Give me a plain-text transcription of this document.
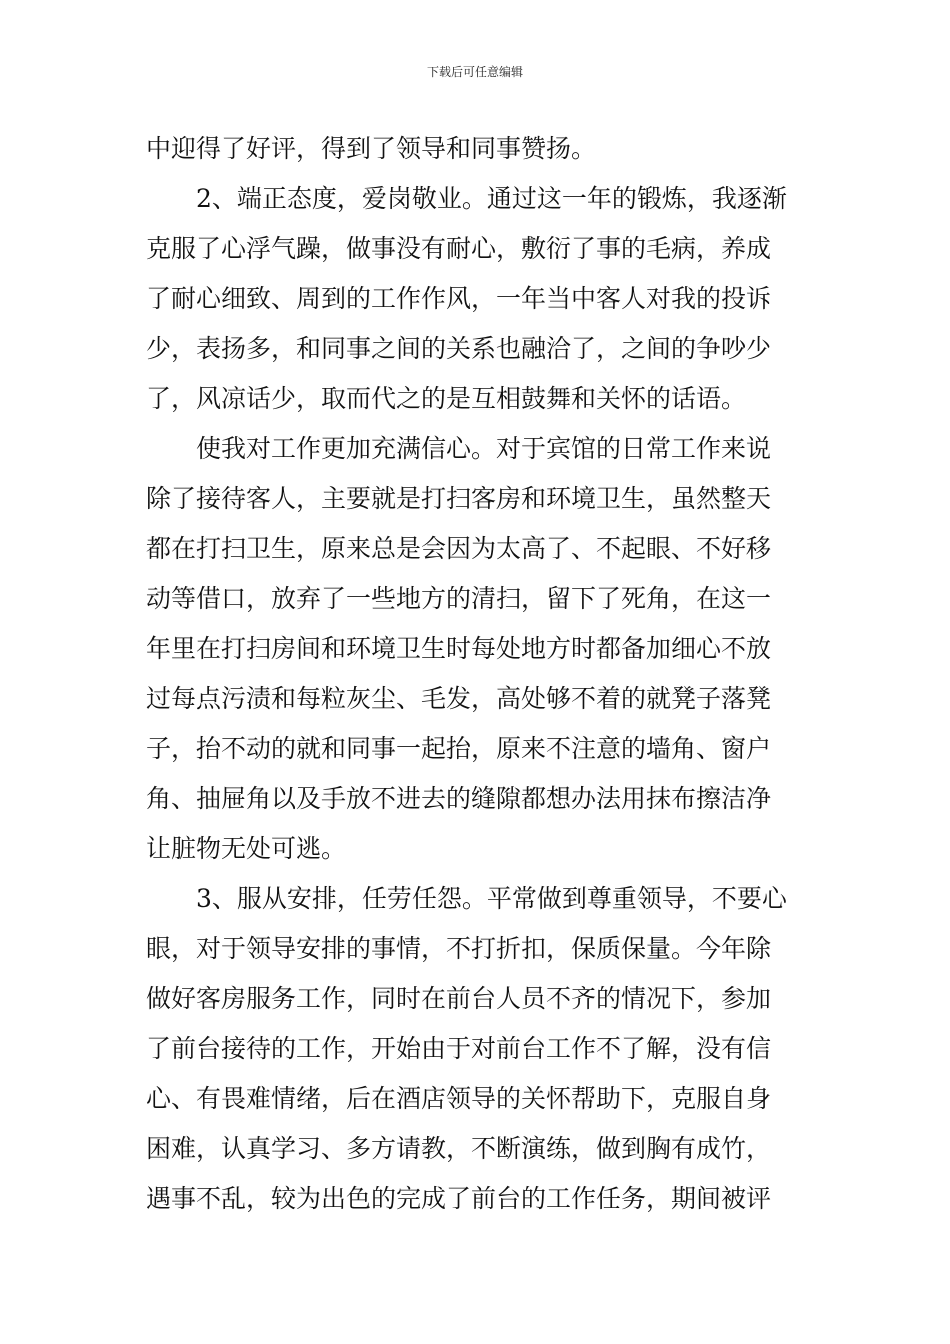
下载后可任意编辑
中迎得了好评，得到了领导和同事赞扬。
2、端正态度，爱岗敬业。通过这一年的锻炼，我逐渐
克服了心浮气躁，做事没有耐心，敷衍了事的毛病，养成
了耐心细致、周到的工作作风，一年当中客人对我的投诉
少，表扬多，和同事之间的关系也融洽了，之间的争吵少
了，风凉话少，取而代之的是互相鼓舞和关怀的话语。
使我对工作更加充满信心。对于宾馆的日常工作来说
除了接待客人，主要就是打扫客房和环境卫生，虽然整天
都在打扫卫生，原来总是会因为太高了、不起眼、不好移
动等借口，放弃了一些地方的清扫，留下了死角，在这一
年里在打扫房间和环境卫生时每处地方时都备加细心不放
过每点污渍和每粒灰尘、毛发，高处够不着的就凳子落凳
子，抬不动的就和同事一起抬，原来不注意的墙角、窗户
角、抽屉角以及手放不进去的缝隙都想办法用抹布擦洁净
让脏物无处可逃。
3、服从安排，任劳任怨。平常做到尊重领导，不要心
眼，对于领导安排的事情，不打折扣，保质保量。今年除
做好客房服务工作，同时在前台人员不齐的情况下，参加
了前台接待的工作，开始由于对前台工作不了解，没有信
心、有畏难情绪，后在酒店领导的关怀帮助下，克服自身
困难，认真学习、多方请教，不断演练，做到胸有成竹，
遇事不乱，较为出色的完成了前台的工作任务，期间被评
